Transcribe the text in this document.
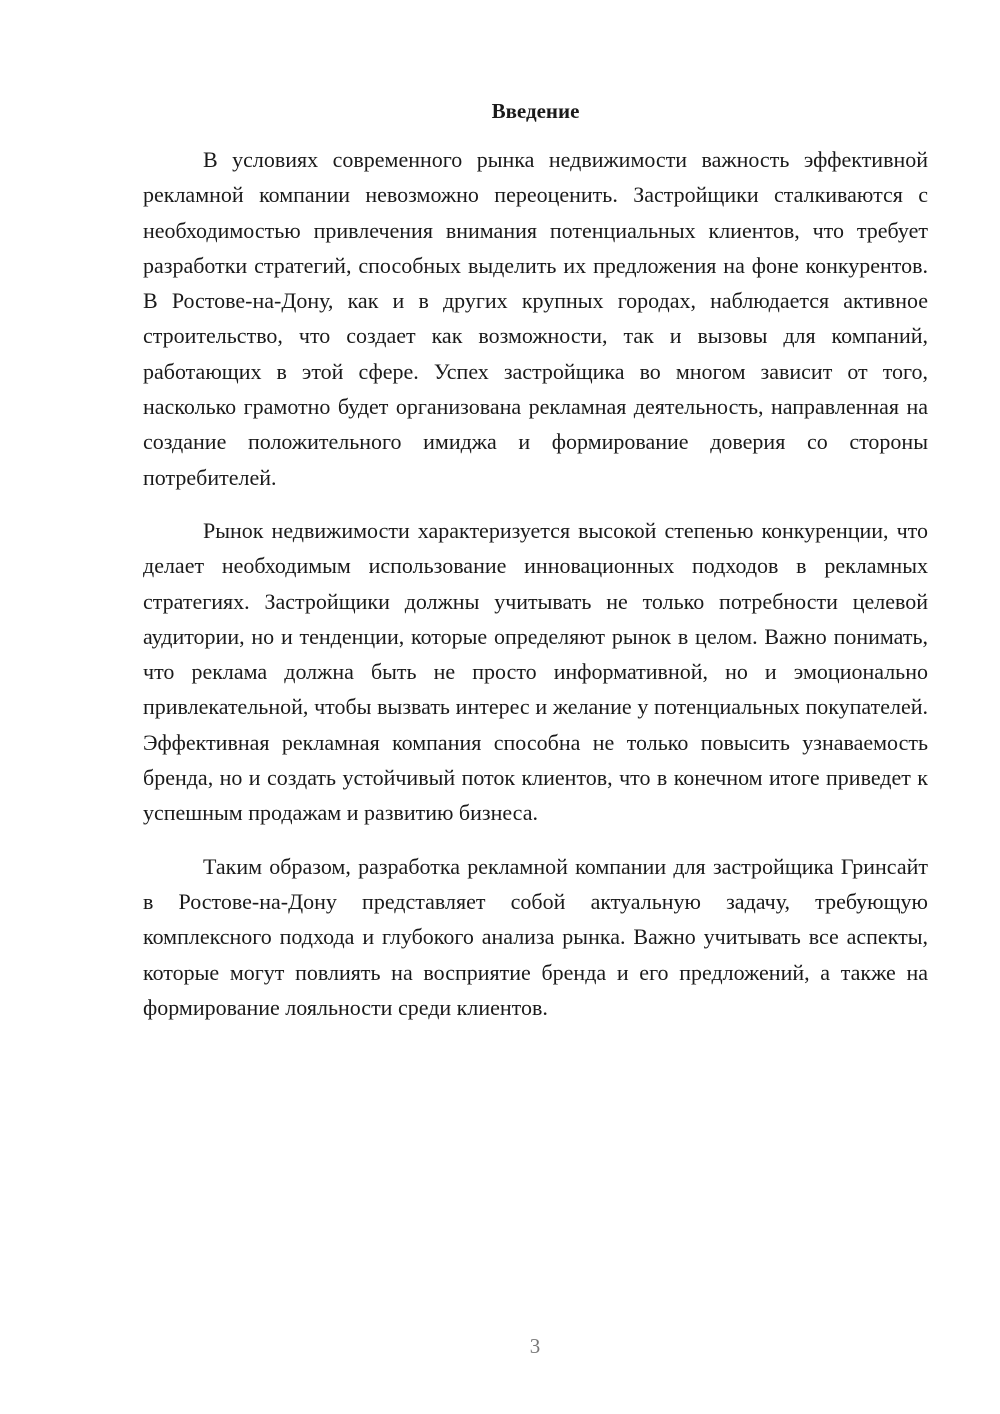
Введение

В условиях современного рынка недвижимости важность эффективной рекламной компании невозможно переоценить. Застройщики сталкиваются с необходимостью привлечения внимания потенциальных клиентов, что требует разработки стратегий, способных выделить их предложения на фоне конкурентов. В Ростове-на-Дону, как и в других крупных городах, наблюдается активное строительство, что создает как возможности, так и вызовы для компаний, работающих в этой сфере. Успех застройщика во многом зависит от того, насколько грамотно будет организована рекламная деятельность, направленная на создание положительного имиджа и формирование доверия со стороны потребителей.

Рынок недвижимости характеризуется высокой степенью конкуренции, что делает необходимым использование инновационных подходов в рекламных стратегиях. Застройщики должны учитывать не только потребности целевой аудитории, но и тенденции, которые определяют рынок в целом. Важно понимать, что реклама должна быть не просто информативной, но и эмоционально привлекательной, чтобы вызвать интерес и желание у потенциальных покупателей. Эффективная рекламная компания способна не только повысить узнаваемость бренда, но и создать устойчивый поток клиентов, что в конечном итоге приведет к успешным продажам и развитию бизнеса.

Таким образом, разработка рекламной компании для застройщика Гринсайт в Ростове-на-Дону представляет собой актуальную задачу, требующую комплексного подхода и глубокого анализа рынка. Важно учитывать все аспекты, которые могут повлиять на восприятие бренда и его предложений, а также на формирование лояльности среди клиентов.

3
